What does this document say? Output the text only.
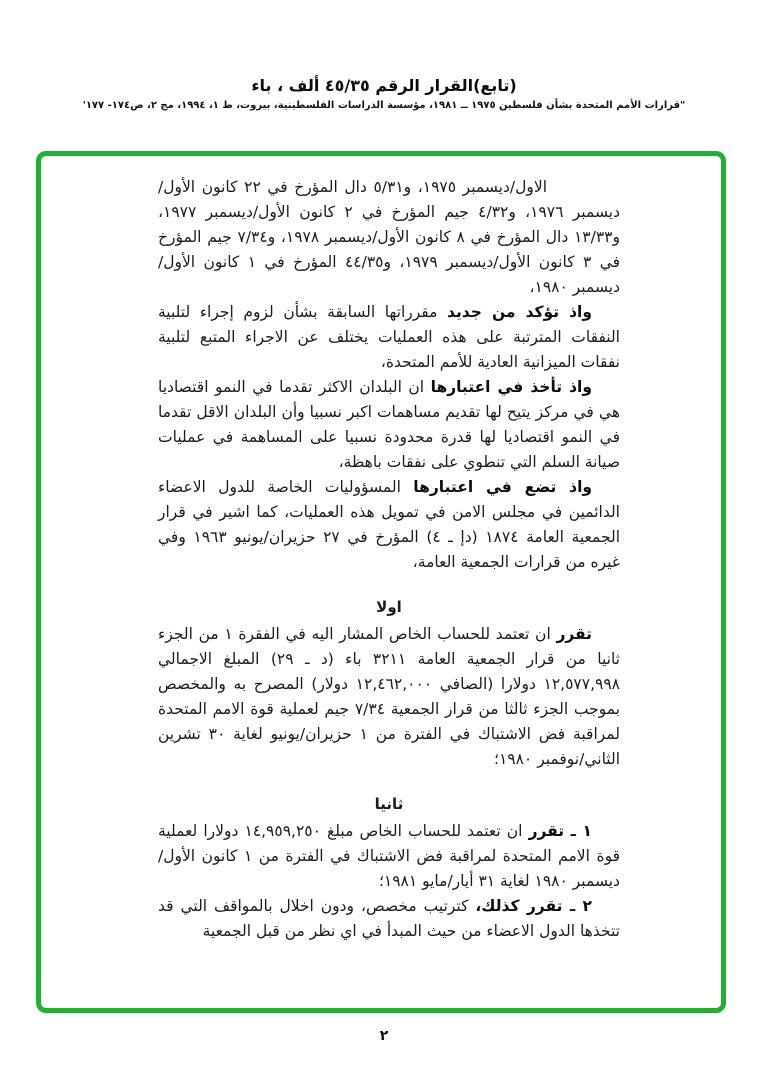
(تابع)القرار الرقم ٤٥/٣٥ ألف ، باء
"قرارات الأمم المتحدة بشأن فلسطين ١٩٧٥ ــ ١٩٨١، مؤسسة الدراسات الفلسطينية، بيروت، ط ١، ١٩٩٤، مج ٢، ص١٧٤- ١٧٧'

الاول/ديسمبر ١٩٧٥، و٥/٣١ دال المؤرخ في ٢٢ كانون الأول/ديسمبر ١٩٧٦، و٤/٣٢ جيم المؤرخ في ٢ كانون الأول/ديسمبر ١٩٧٧، و١٣/٣٣ دال المؤرخ في ٨ كانون الأول/ديسمبر ١٩٧٨، و٧/٣٤ جيم المؤرخ في ٣ كانون الأول/ديسمبر ١٩٧٩، و٤٤/٣٥ المؤرخ في ١ كانون الأول/ديسمبر ١٩٨٠،

واذ تؤكد من جديد مقرراتها السابقة بشأن لزوم إجراء لتلبية النفقات المترتبة على هذه العمليات يختلف عن الاجراء المتبع لتلبية نفقات الميزانية العادية للأمم المتحدة،

واذ تأخذ في اعتبارها ان البلدان الاكثر تقدما في النمو اقتصاديا هي في مركز يتيح لها تقديم مساهمات اكبر نسبيا وأن البلدان الاقل تقدما في النمو اقتصاديا لها قدرة محدودة نسبيا على المساهمة في عمليات صيانة السلم التي تنطوي على نفقات باهظة،

واذ تضع في اعتبارها المسؤوليات الخاصة للدول الاعضاء الدائمين في مجلس الامن في تمويل هذه العمليات، كما اشير في قرار الجمعية العامة ١٨٧٤ (دإ ـ ٤) المؤرخ في ٢٧ حزيران/يونيو ١٩٦٣ وفي غيره من قرارات الجمعية العامة،

اولا

تقرر ان تعتمد للحساب الخاص المشار اليه في الفقرة ١ من الجزء ثانيا من قرار الجمعية العامة ٣٢١١ باء (د ـ ٢٩) المبلغ الاجمالي ١٢,٥٧٧,٩٩٨ دولارا (الصافي ١٢,٤٦٢,٠٠٠ دولار) المصرح به والمخصص بموجب الجزء ثالثا من قرار الجمعية ٧/٣٤ جيم لعملية قوة الامم المتحدة لمراقبة فض الاشتباك في الفترة من ١ حزيران/يونيو لغاية ٣٠ تشرين الثاني/نوفمبر ١٩٨٠؛

ثانيا

١ ـ تقرر ان تعتمد للحساب الخاص مبلغ ١٤,٩٥٩,٢٥٠ دولارا لعملية قوة الامم المتحدة لمراقبة فض الاشتباك في الفترة من ١ كانون الأول/ديسمبر ١٩٨٠ لغاية ٣١ أيار/مايو ١٩٨١؛

٢ ـ تقرر كذلك، كترتيب مخصص، ودون اخلال بالمواقف التي قد تتخذها الدول الاعضاء من حيث المبدأ في اي نظر من قبل الجمعية

٢
